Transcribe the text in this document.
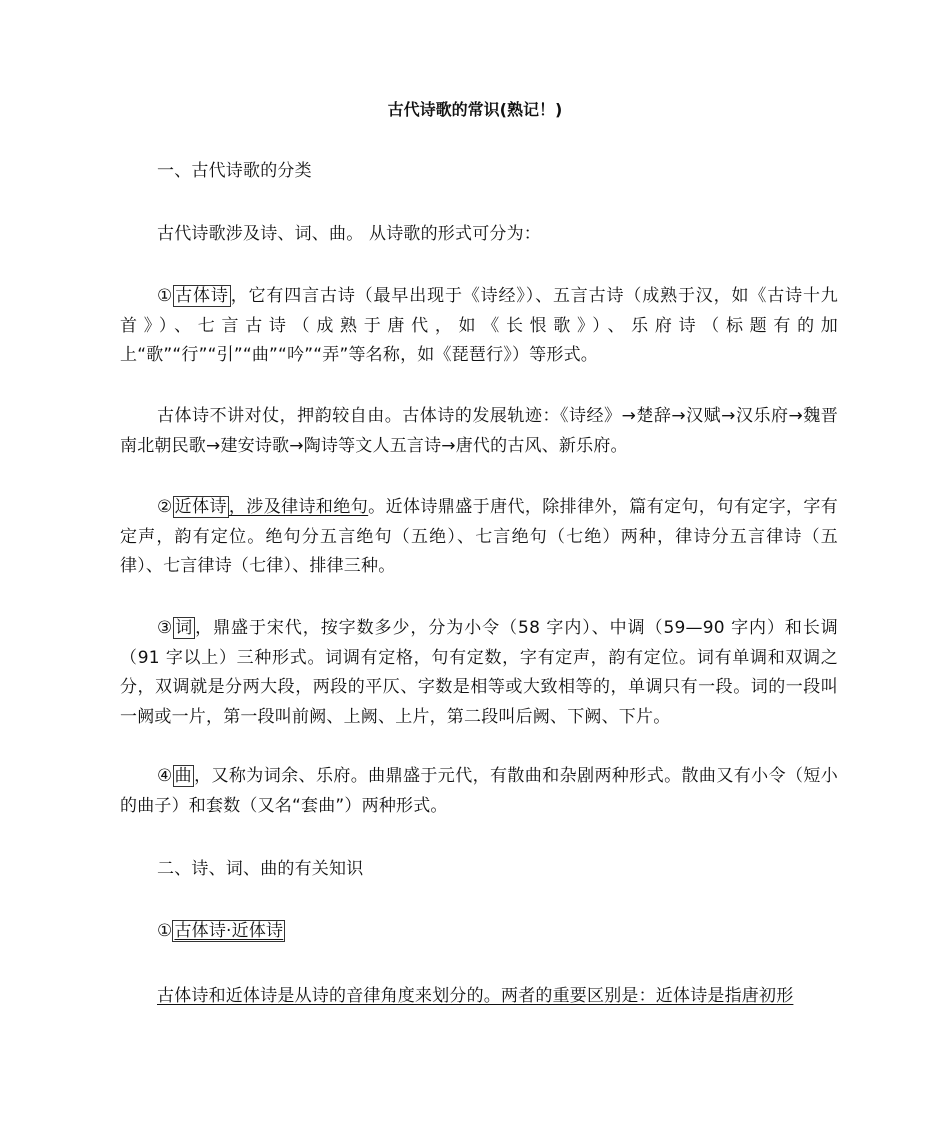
古代诗歌的常识(熟记！)

一、古代诗歌的分类

古代诗歌涉及诗、词、曲。 从诗歌的形式可分为：

① 古体诗 ，它有四言古诗（最早出现于《诗经》）、五言古诗（成熟于汉，如《古诗十九首》）、七言古诗（成熟于唐代，如《长恨歌》）、乐府诗（标题有的加上“歌”“行”“引”“曲”“吟”“弄”等名称，如《琵琶行》）等形式。

古体诗不讲对仗，押韵较自由。古体诗的发展轨迹：《诗经》→楚辞→汉赋→汉乐府→魏晋南北朝民歌→建安诗歌→陶诗等文人五言诗→唐代的古风、新乐府。

② 近体诗 ，涉及律诗和绝句。近体诗鼎盛于唐代，除排律外，篇有定句，句有定字，字有定声，韵有定位。绝句分五言绝句（五绝）、七言绝句（七绝）两种，律诗分五言律诗（五律）、七言律诗（七律）、排律三种。

③ 词 ，鼎盛于宋代，按字数多少，分为小令（58 字内）、中调（59—90 字内）和长调（91 字以上）三种形式。词调有定格，句有定数，字有定声，韵有定位。词有单调和双调之分，双调就是分两大段，两段的平仄、字数是相等或大致相等的，单调只有一段。词的一段叫一阙或一片，第一段叫前阙、上阙、上片，第二段叫后阙、下阙、下片。

④ 曲 ，又称为词余、乐府。曲鼎盛于元代，有散曲和杂剧两种形式。散曲又有小令（短小的曲子）和套数（又名“套曲”）两种形式。

二、诗、词、曲的有关知识

① 古体诗·近体诗

古体诗和近体诗是从诗的音律角度来划分的。两者的重要区别是：近体诗是指唐初形
